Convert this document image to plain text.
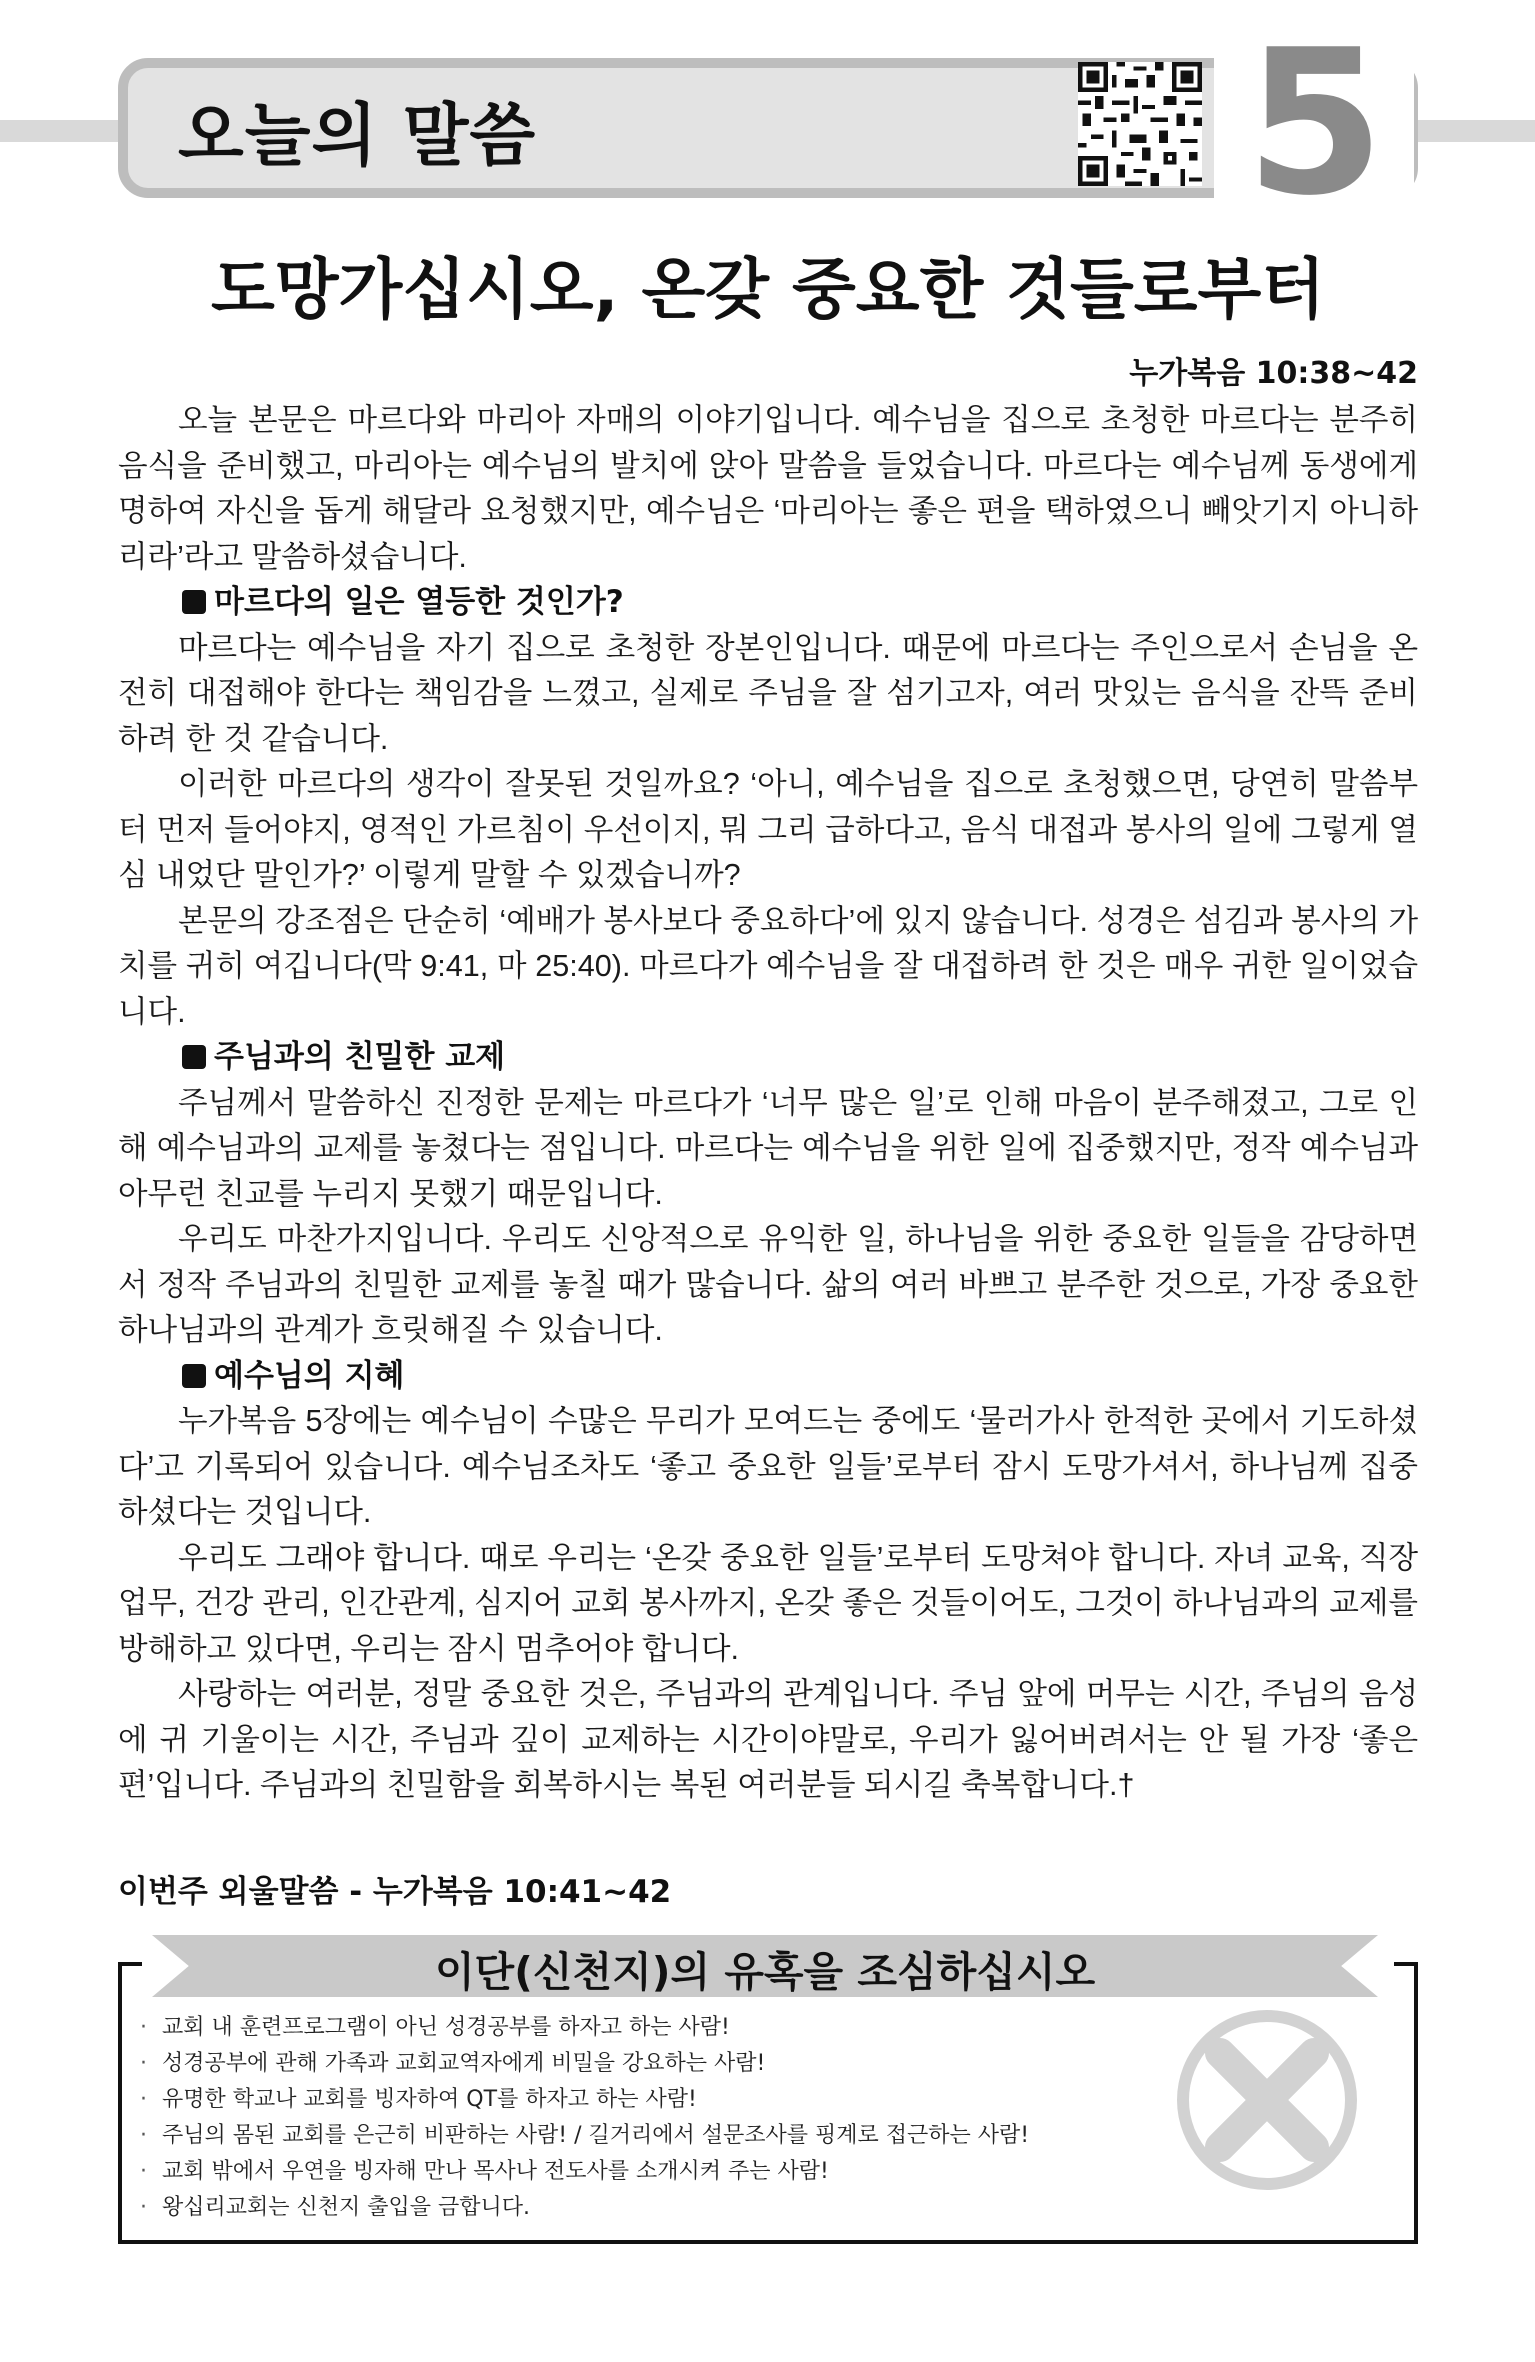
오늘의 말씀	5
도망가십시오, 온갖 중요한 것들로부터
누가복음 10:38~42

오늘 본문은 마르다와 마리아 자매의 이야기입니다. 예수님을 집으로 초청한 마르다는 분주히 음식을 준비했고, 마리아는 예수님의 발치에 앉아 말씀을 들었습니다. 마르다는 예수님께 동생에게 명하여 자신을 돕게 해달라 요청했지만, 예수님은 ‘마리아는 좋은 편을 택하였으니 빼앗기지 아니하리라’라고 말씀하셨습니다.

마르다의 일은 열등한 것인가?

마르다는 예수님을 자기 집으로 초청한 장본인입니다. 때문에 마르다는 주인으로서 손님을 온전히 대접해야 한다는 책임감을 느꼈고, 실제로 주님을 잘 섬기고자, 여러 맛있는 음식을 잔뜩 준비하려 한 것 같습니다.

이러한 마르다의 생각이 잘못된 것일까요? ‘아니, 예수님을 집으로 초청했으면, 당연히 말씀부터 먼저 들어야지, 영적인 가르침이 우선이지, 뭐 그리 급하다고, 음식 대접과 봉사의 일에 그렇게 열심 내었단 말인가?’ 이렇게 말할 수 있겠습니까?

본문의 강조점은 단순히 ‘예배가 봉사보다 중요하다’에 있지 않습니다. 성경은 섬김과 봉사의 가치를 귀히 여깁니다(막 9:41, 마 25:40). 마르다가 예수님을 잘 대접하려 한 것은 매우 귀한 일이었습니다.

주님과의 친밀한 교제

주님께서 말씀하신 진정한 문제는 마르다가 ‘너무 많은 일’로 인해 마음이 분주해졌고, 그로 인해 예수님과의 교제를 놓쳤다는 점입니다. 마르다는 예수님을 위한 일에 집중했지만, 정작 예수님과 아무런 친교를 누리지 못했기 때문입니다.

우리도 마찬가지입니다. 우리도 신앙적으로 유익한 일, 하나님을 위한 중요한 일들을 감당하면서 정작 주님과의 친밀한 교제를 놓칠 때가 많습니다. 삶의 여러 바쁘고 분주한 것으로, 가장 중요한 하나님과의 관계가 흐릿해질 수 있습니다.

예수님의 지혜

누가복음 5장에는 예수님이 수많은 무리가 모여드는 중에도 ‘물러가사 한적한 곳에서 기도하셨다’고 기록되어 있습니다. 예수님조차도 ‘좋고 중요한 일들’로부터 잠시 도망가셔서, 하나님께 집중하셨다는 것입니다.

우리도 그래야 합니다. 때로 우리는 ‘온갖 중요한 일들’로부터 도망쳐야 합니다. 자녀 교육, 직장 업무, 건강 관리, 인간관계, 심지어 교회 봉사까지, 온갖 좋은 것들이어도, 그것이 하나님과의 교제를 방해하고 있다면, 우리는 잠시 멈추어야 합니다.

사랑하는 여러분, 정말 중요한 것은, 주님과의 관계입니다. 주님 앞에 머무는 시간, 주님의 음성에 귀 기울이는 시간, 주님과 깊이 교제하는 시간이야말로, 우리가 잃어버려서는 안 될 가장 ‘좋은 편’입니다. 주님과의 친밀함을 회복하시는 복된 여러분들 되시길 축복합니다.†

이번주 외울말씀 - 누가복음 10:41~42
이단(신천지)의 유혹을 조심하십시오
· 교회 내 훈련프로그램이 아닌 성경공부를 하자고 하는 사람!
· 성경공부에 관해 가족과 교회교역자에게 비밀을 강요하는 사람!
· 유명한 학교나 교회를 빙자하여 QT를 하자고 하는 사람!
· 주님의 몸된 교회를 은근히 비판하는 사람! / 길거리에서 설문조사를 핑계로 접근하는 사람!
· 교회 밖에서 우연을 빙자해 만나 목사나 전도사를 소개시켜 주는 사람!
· 왕십리교회는 신천지 출입을 금합니다.
